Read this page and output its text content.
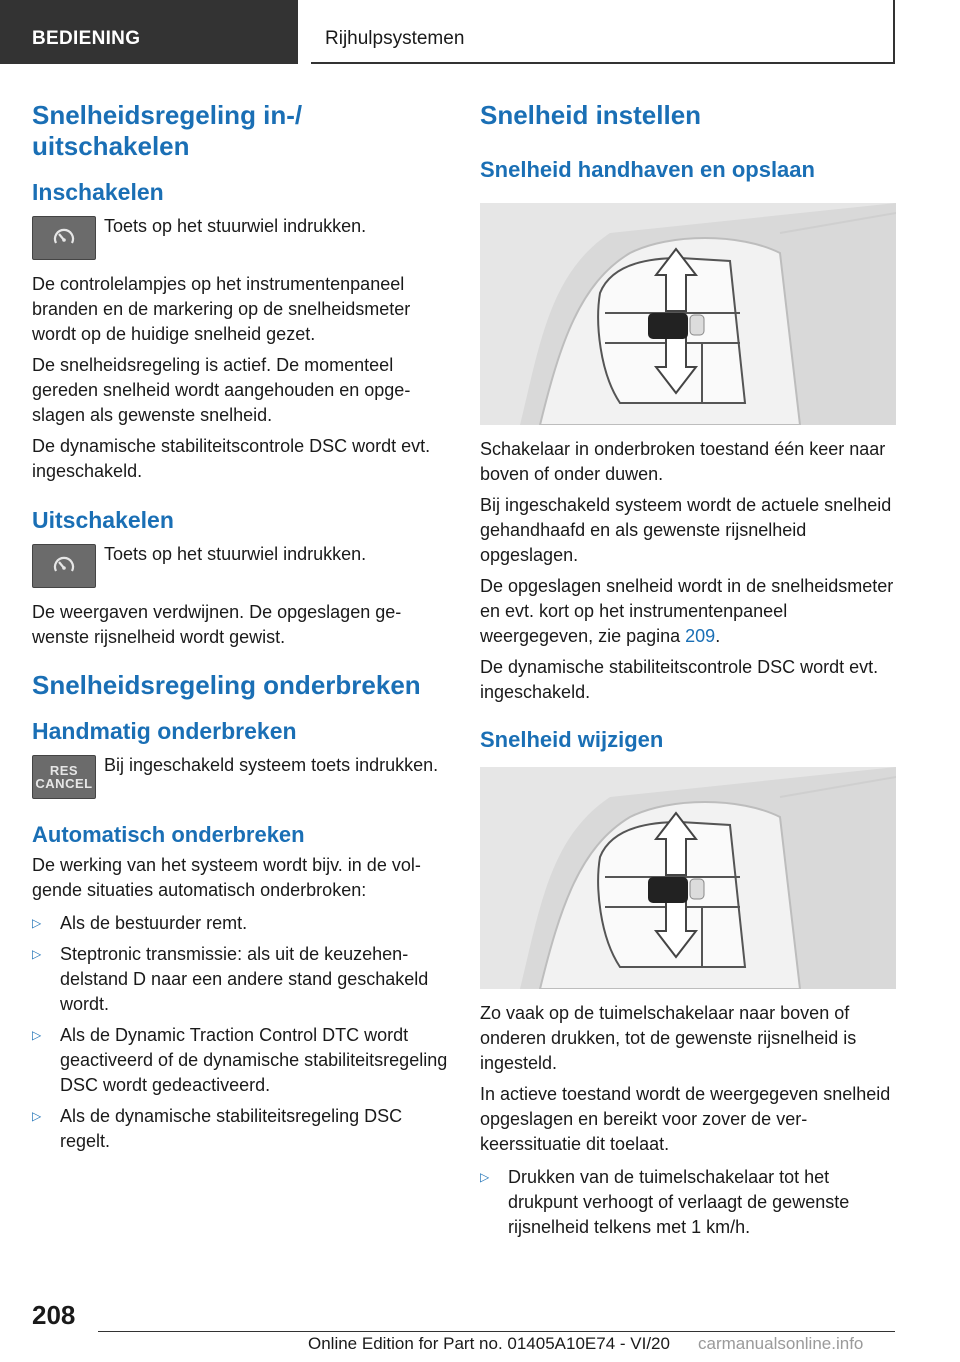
BEDIENING	Rijhulpsystemen
Snelheidsregeling in-/ uitschakelen
Inschakelen

Toets op het stuurwiel indrukken.

De controlelampjes op het instrumentenpaneel branden en de markering op de snelheidsmeter wordt op de huidige snelheid gezet.

De snelheidsregeling is actief. De momenteel gereden snelheid wordt aangehouden en opgeslagen als gewenste snelheid.

De dynamische stabiliteitscontrole DSC wordt evt. ingeschakeld.

Uitschakelen

Toets op het stuurwiel indrukken.

De weergaven verdwijnen. De opgeslagen gewenste rijsnelheid wordt gewist.

Snelheidsregeling onderbreken
Handmatig onderbreken
RES
CANCEL

Bij ingeschakeld systeem toets indrukken.

Automatisch onderbreken

De werking van het systeem wordt bijv. in de volgende situaties automatisch onderbroken:

▷	Als de bestuurder remt.
▷	Steptronic transmissie: als uit de keuzehendelstand D naar een andere stand geschakeld wordt.
▷	Als de Dynamic Traction Control DTC wordt geactiveerd of de dynamische stabiliteitsregeling DSC wordt gedeactiveerd.
▷	Als de dynamische stabiliteitsregeling DSC regelt.
Snelheid instellen
Snelheid handhaven en opslaan

Schakelaar in onderbroken toestand één keer naar boven of onder duwen.

Bij ingeschakeld systeem wordt de actuele snelheid gehandhaafd en als gewenste rijsnelheid opgeslagen.

De opgeslagen snelheid wordt in de snelheidsmeter en evt. kort op het instrumentenpaneel weergegeven, zie pagina 209.

De dynamische stabiliteitscontrole DSC wordt evt. ingeschakeld.

Snelheid wijzigen

Zo vaak op de tuimelschakelaar naar boven of onderen drukken, tot de gewenste rijsnelheid is ingesteld.

In actieve toestand wordt de weergegeven snelheid opgeslagen en bereikt voor zover de verkeerssituatie dit toelaat.

▷	Drukken van de tuimelschakelaar tot het drukpunt verhoogt of verlaagt de gewenste rijsnelheid telkens met 1 km/h.
208
Online Edition for Part no. 01405A10E74 - VI/20 carmanualsonline.info
